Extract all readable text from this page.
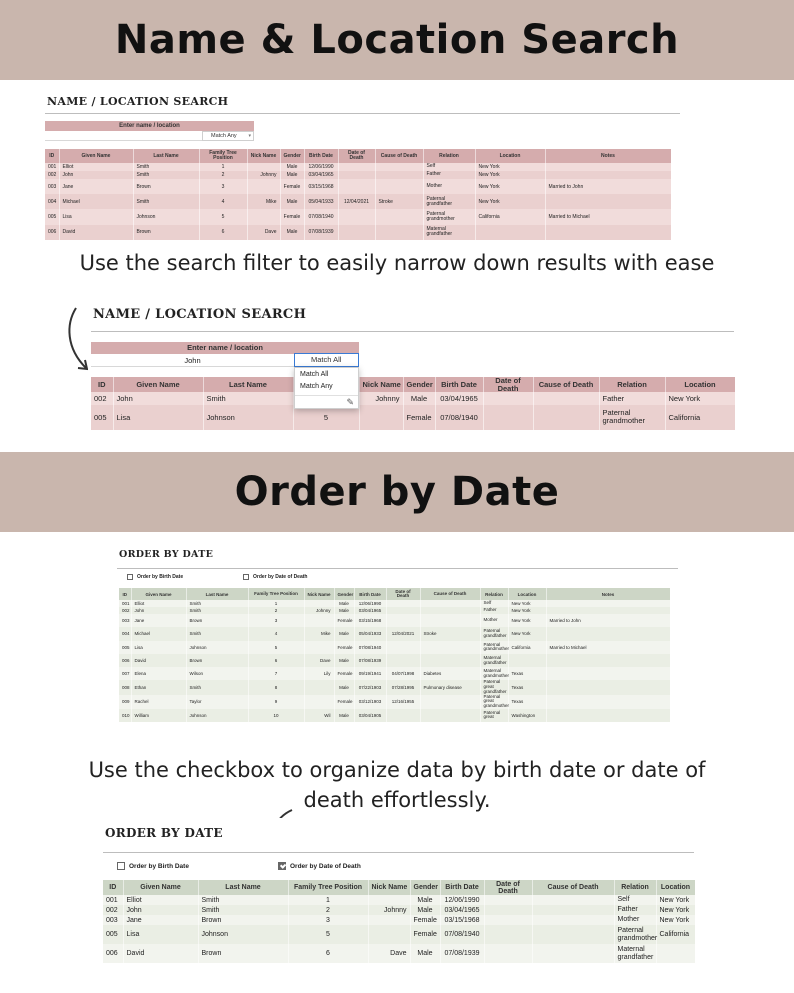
Name & Location Search
NAME / LOCATION SEARCH
Enter name / location
Match Any ▾
ID	Given Name	Last Name	Family Tree Position	Nick Name	Gender	Birth Date	Date of Death	Cause of Death	Relation	Location	Notes
001	Elliot	Smith	1		Male	12/06/1990			Self	New York	
002	John	Smith	2	Johnny	Male	03/04/1965			Father	New York	
003	Jane	Brown	3		Female	03/15/1968			Mother	New York	Married to John
004	Michael	Smith	4	Mike	Male	05/04/1933	12/04/2021	Stroke	Paternal grandfather	New York	
005	Lisa	Johnson	5		Female	07/08/1940			Paternal grandmother	California	Married to Michael
006	David	Brown	6	Dave	Male	07/08/1939			Maternal grandfather		
Use the search filter to easily narrow down results with ease
NAME / LOCATION SEARCH
Enter name / location
John	Match All
ID	Given Name	Last Name		Nick Name	Gender	Birth Date	Date of Death	Cause of Death	Relation	Location
002	John	Smith		Johnny	Male	03/04/1965			Father	New York
005	Lisa	Johnson	5		Female	07/08/1940			Paternal grandmother	California
Match All
Match Any
✎
Order by Date
ORDER BY DATE
Order by Birth Date	Order by Date of Death
ID	Given Name	Last Name	Family Tree Position	Nick Name	Gender	Birth Date	Date of Death	Cause of Death	Relation	Location	Notes
001	Elliot	Smith	1		Male	12/06/1990			Self	New York	
002	John	Smith	2	Johnny	Male	03/04/1965			Father	New York	
003	Jane	Brown	3		Female	03/15/1968			Mother	New York	Married to John
004	Michael	Smith	4	Mike	Male	05/04/1933	12/04/2021	Stroke	Paternal grandfather	New York	
005	Lisa	Johnson	5		Female	07/08/1940			Paternal grandmother	California	Married to Michael
006	David	Brown	6	Dave	Male	07/08/1939			Maternal grandfather		
007	Elena	Wilson	7	Lily	Female	09/19/1941	04/07/1998	Diabetes	Maternal grandmother	Texas	
008	Ethan	Smith	8		Male	07/22/1903	07/28/1995	Pulmonary disease	Paternal great grandfather	Texas	
009	Rachel	Taylor	9		Female	03/12/1903	12/16/1955		Paternal great grandmother	Texas	
010	William	Johnson	10	Wil	Male	03/04/1905			Paternal great	Washington	
Use the checkbox to organize data by birth date or date of death effortlessly.
ORDER BY DATE
Order by Birth Date	Order by Date of Death
ID	Given Name	Last Name	Family Tree Position	Nick Name	Gender	Birth Date	Date of Death	Cause of Death	Relation	Location
001	Elliot	Smith	1		Male	12/06/1990			Self	New York
002	John	Smith	2	Johnny	Male	03/04/1965			Father	New York
003	Jane	Brown	3		Female	03/15/1968			Mother	New York
005	Lisa	Johnson	5		Female	07/08/1940			Paternal grandmother	California
006	David	Brown	6	Dave	Male	07/08/1939			Maternal grandfather	
